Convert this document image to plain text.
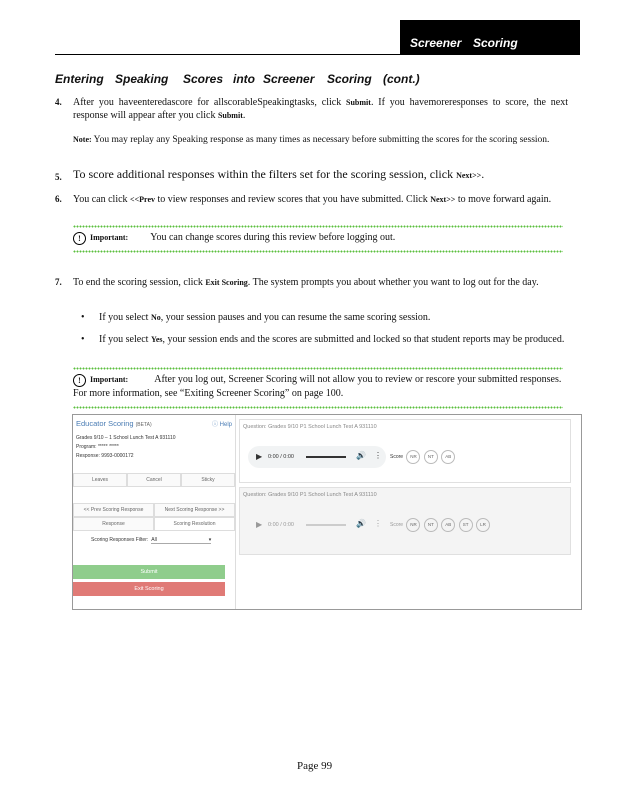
Screener Scoring
Entering Speaking Scores into Screener Scoring (cont.)
4. After you haveenteredascore for allscorableSpeakingtasks, click Submit. If you havemoreresponses to score, the next response will appear after you click Submit.
Note: You may replay any Speaking response as many times as necessary before submitting the scores for the scoring session.
5. To score additional responses within the filters set for the scoring session, click Next>>.
6. You can click <<Prev to view responses and review scores that you have submitted. Click Next>> to move forward again.
! Important: You can change scores during this review before logging out.
7. To end the scoring session, click Exit Scoring. The system prompts you about whether you want to log out for the day.
• If you select No, your session pauses and you can resume the same scoring session.
• If you select Yes, your session ends and the scores are submitted and locked so that student reports may be produced.
! Important:	After you log out, Screener Scoring will not allow you to review or rescore your submitted responses. For more information, see “Exiting Screener Scoring” on page 100.
Educator Scoring (BETA)	ⓘ Help
Grades 9/10 – 1 School Lunch Test A 931110
Program: ***** *****
Response: 9993-0000172
Leaves	Cancel	Sticky
<< Prev Scoring Response	Next Scoring Response >>
Response	Scoring Resolution
Scoring Responses Filter: All	▾
Submit
Exit Scoring
Question: Grades 9/10 P1 School Lunch Test A 931110
▶ 0:00 / 0:00	🔊 ⋮ Score NR NT	AB
Question: Grades 9/10 P1 School Lunch Test A 931110
▶ 0:00 / 0:00	🔊 ⋮ Score NR NT	AB	ST	LR
Page 99
